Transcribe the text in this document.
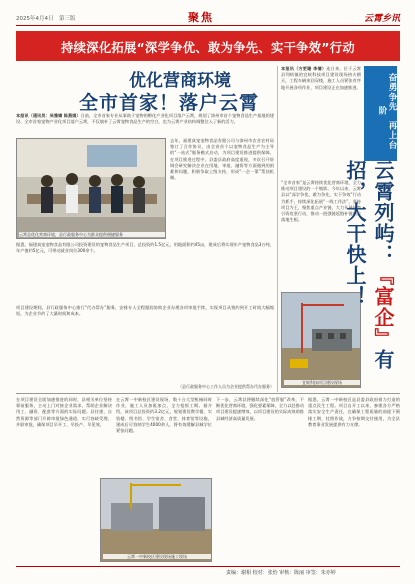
2025年4月4日　第三版	聚焦	云霄乡讯
持续深化拓展“深学争优、敢为争先、实干争效”行动
优化营商环境
全市首家！落户云霄
本报讯（通讯员：吴雅婧 陈燕娟）日前，全市首家专业从事助于宠物的孵化产业化项目落户云霄，规划了漳州市首个宠物食品生产基地的建设。全市首家宠物产业化项目落户云霄，不仅填补了云霄宠物食品生产的空白，也为云霄产业结构调整注入了新的活力。
云霄县优化营商环境，县行政服务中心为群众提供便捷服务
去年，福建真宠宠物食品有限公司与漳州市农业农村局签订了合作协议，由全省首个以宠物食品生产为主导的“一站式”服务模式启动，为项目建设推进提供保障。在项目推进过程中，县委县政府高度重视，多次召开协调会研究解决企业在用地、审批、融资等方面遇到的困难和问题，积极争取上级支持，形成“一企一策”帮扶机制。
据悉，福建真宠宠物食品有限公司投资建设的宠物食品生产项目，总投资约1.5亿元，用地面积约45亩，建成后将实现年产宠物食品3万吨，年产值约5亿元，可带动就业岗位300余个。
项目建设期间，县行政服务中心推行“代办帮办”服务，安排专人全程跟踪协助企业办理各项审批手续，实现项目从签约到开工时间大幅缩短，为企业节约了大量时间和成本。
（县行政服务中心工作人员为企业提供帮办代办服务）
本报讯（方更珊 李倩）连日来，位于云霄县列屿镇的宜蚁科技项目建设现场热火朝天，工程车辆来回穿梭，施工人员紧张有序地开展各项作业，项目建设正在加速推进。
“全市首家”是云霄持续优化营商环境、全力推动项目建设的一个缩影。今年以来，云霄县以“深学争优、敢为争先、实干争效”行动为抓手，持续深化拓展“一线工作法”，坚持项目为王，聚焦重点产业链，大力开展招商引资攻坚行动，推动一批强链延链补链项目落地生根。
宜蚁科技项目建设现场
奋勇争先　再上台阶
云霄列屿：『富企』有招，大干快上！
在项目建设全面加速推进的同时，县相关单位坚持靠前服务，主动上门对接企业需求，帮助企业解决用工、融资、配套等方面的实际问题。县住建、自然资源等部门开辟审批绿色通道，实行容缺受理、并联审批，确保项目早开工、早投产、早见效。
在云霄一中新校区建设现场，数十台大型机械同时作业，施工人员加班加点，全力抢抓工期。据介绍，该项目总投资约3.2亿元，规划建设教学楼、实验楼、图书馆、学生宿舍、食堂、体育馆等设施，建成后可容纳学生4000余人，将有效缓解县城学位紧张问题。
下一步，云霄县将继续深化“放管服”改革，不断优化营商环境，强化要素保障，全力以赴推动项目建设提速增效，以项目建设的实际成效助推县域经济高质量发展。
据悉，云霄一中新校区是县委县政府着力打造的重点民生工程。项目自开工以来，参建各方严格落实安全生产责任，在确保工程质量的前提下倒排工期、挂图作战，力争按期交付使用，为全县教育事业发展提供有力支撑。
云霄一中新校区建设现场施工现场
责编：谢相 校对：张怡 审核：陈丽 审签：朱亦婷
